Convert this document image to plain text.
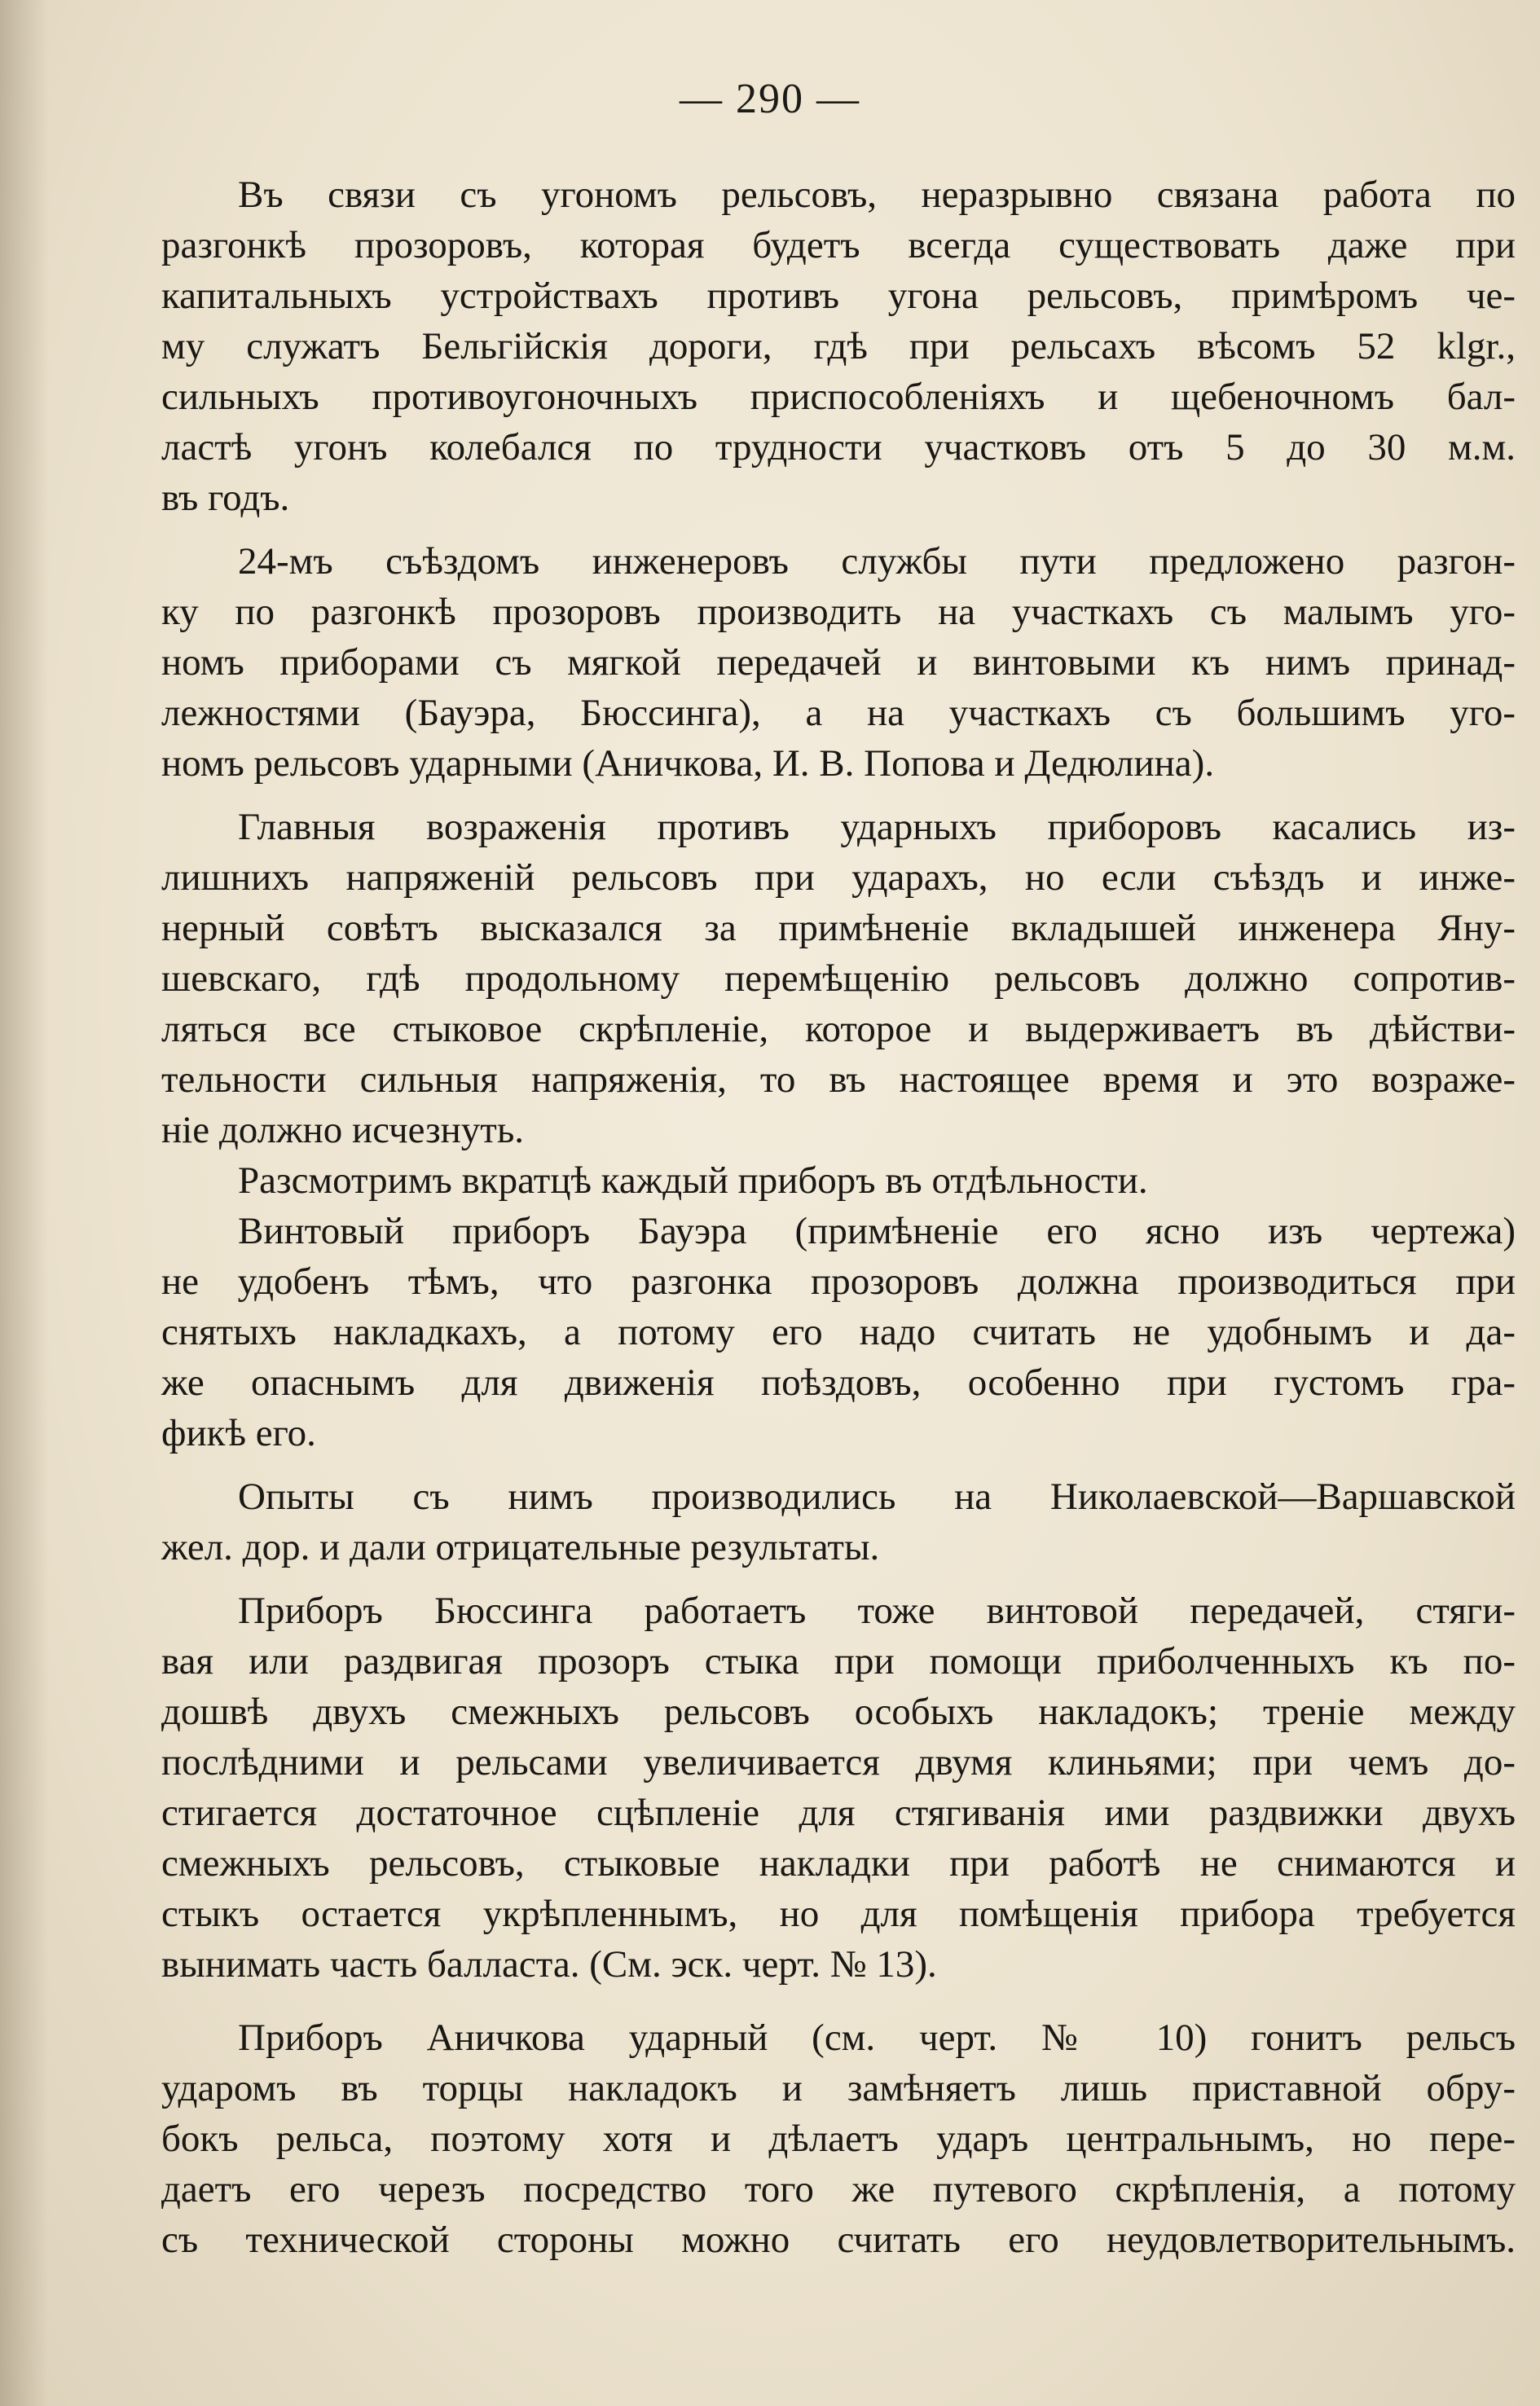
— 290 —
Въ связи съ угономъ рельсовъ, неразрывно связана работа по
разгонкѣ прозоровъ, которая будетъ всегда существовать даже при
капитальныхъ устройствахъ противъ угона рельсовъ, примѣромъ че-
му служатъ Бельгійскія дороги, гдѣ при рельсахъ вѣсомъ 52 klgr.,
сильныхъ противоугоночныхъ приспособленіяхъ и щебеночномъ бал-
ластѣ угонъ колебался по трудности участковъ отъ 5 до 30 м.м.
въ годъ.
24-мъ съѣздомъ инженеровъ службы пути предложено разгон-
ку по разгонкѣ прозоровъ производить на участкахъ съ малымъ уго-
номъ приборами съ мягкой передачей и винтовыми къ нимъ принад-
лежностями (Бауэра, Бюссинга), а на участкахъ съ большимъ уго-
номъ рельсовъ ударными (Аничкова, И. В. Попова и Дедюлина).
Главныя возраженія противъ ударныхъ приборовъ касались из-
лишнихъ напряженій рельсовъ при ударахъ, но если съѣздъ и инже-
нерный совѣтъ высказался за примѣненіе вкладышей инженера Яну-
шевскаго, гдѣ продольному перемѣщенію рельсовъ должно сопротив-
ляться все стыковое скрѣпленіе, которое и выдерживаетъ въ дѣйстви-
тельности сильныя напряженія, то въ настоящее время и это возраже-
ніе должно исчезнуть.
Разсмотримъ вкратцѣ каждый приборъ въ отдѣльности.
Винтовый приборъ Бауэра (примѣненіе его ясно изъ чертежа)
не удобенъ тѣмъ, что разгонка прозоровъ должна производиться при
снятыхъ накладкахъ, а потому его надо считать не удобнымъ и да-
же опаснымъ для движенія поѣздовъ, особенно при густомъ гра-
фикѣ его.
Опыты съ нимъ производились на Николаевской—Варшавской
жел. дор. и дали отрицательные результаты.
Приборъ Бюссинга работаетъ тоже винтовой передачей, стяги-
вая или раздвигая прозоръ стыка при помощи приболченныхъ къ по-
дошвѣ двухъ смежныхъ рельсовъ особыхъ накладокъ; треніе между
послѣдними и рельсами увеличивается двумя клиньями; при чемъ до-
стигается достаточное сцѣпленіе для стягиванія ими раздвижки двухъ
смежныхъ рельсовъ, стыковые накладки при работѣ не снимаются и
стыкъ остается укрѣпленнымъ, но для помѣщенія прибора требуется
вынимать часть балласта. (См. эск. черт. № 13).
Приборъ Аничкова ударный (см. черт. № 10) гонитъ рельсъ
ударомъ въ торцы накладокъ и замѣняетъ лишь приставной обру-
бокъ рельса, поэтому хотя и дѣлаетъ ударъ центральнымъ, но пере-
даетъ его черезъ посредство того же путевого скрѣпленія, а потому
съ технической стороны можно считать его неудовлетворительнымъ.
